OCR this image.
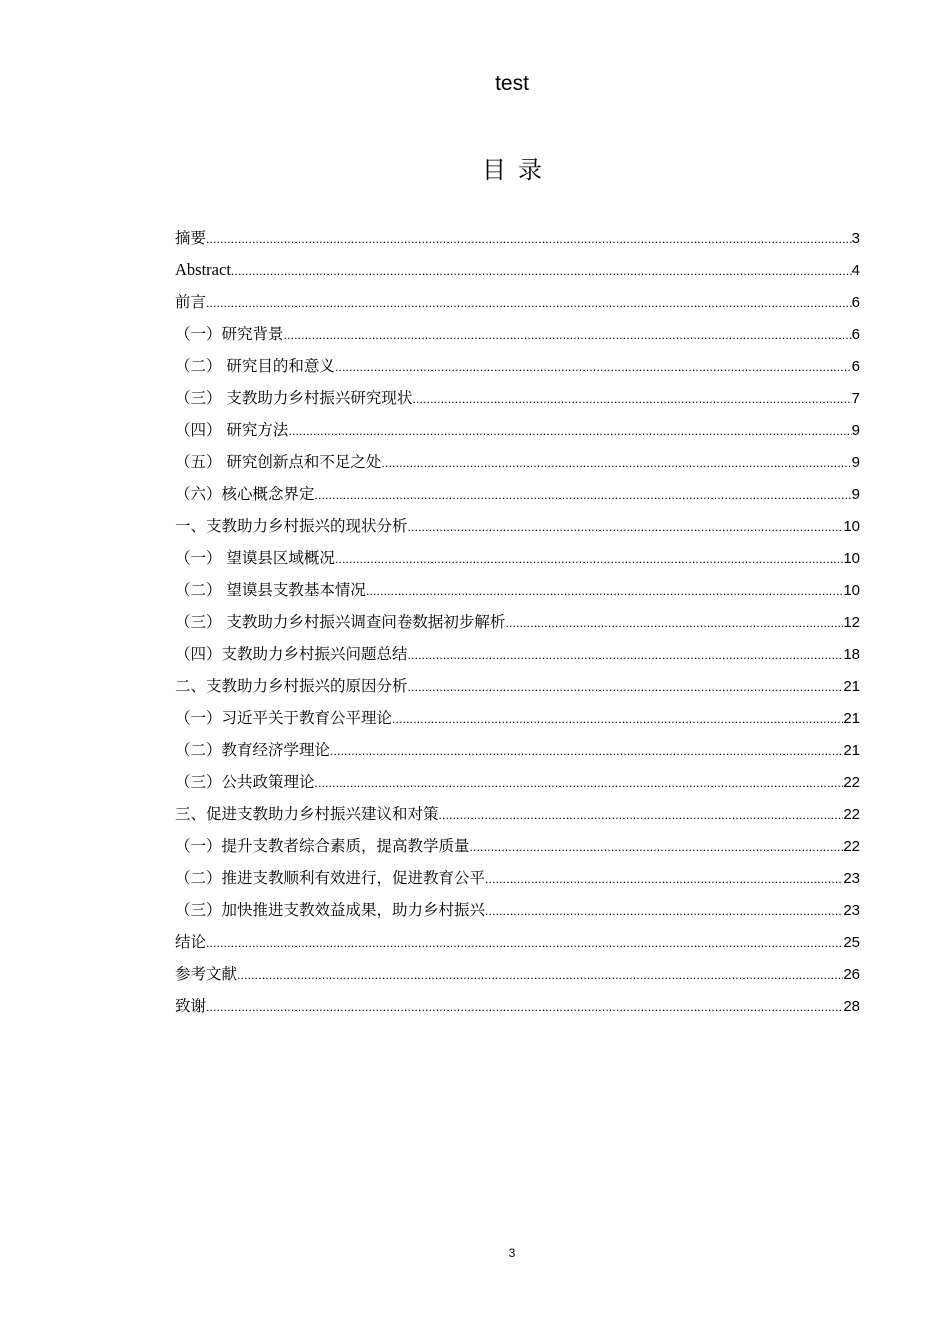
test
目录
摘要 .....	3
Abstract .....	4
前言 .....	6
（一）研究背景 .....	6
（二） 研究目的和意义 .....	6
（三） 支教助力乡村振兴研究现状 .....	7
（四） 研究方法 .....	9
（五） 研究创新点和不足之处 .....	9
（六）核心概念界定 .....	9
一、支教助力乡村振兴的现状分析 .....	10
（一） 望谟县区域概况 .....	10
（二） 望谟县支教基本情况 .....	10
（三） 支教助力乡村振兴调查问卷数据初步解析 .....	12
（四）支教助力乡村振兴问题总结 .....	18
二、支教助力乡村振兴的原因分析 .....	21
（一）习近平关于教育公平理论 .....	21
（二）教育经济学理论 .....	21
（三）公共政策理论 .....	22
三、促进支教助力乡村振兴建议和对策 .....	22
（一）提升支教者综合素质，提高教学质量 .....	22
（二）推进支教顺利有效进行，促进教育公平 .....	23
（三）加快推进支教效益成果，助力乡村振兴 .....	23
结论 .....	25
参考文献 .....	26
致谢 .....	28
3
